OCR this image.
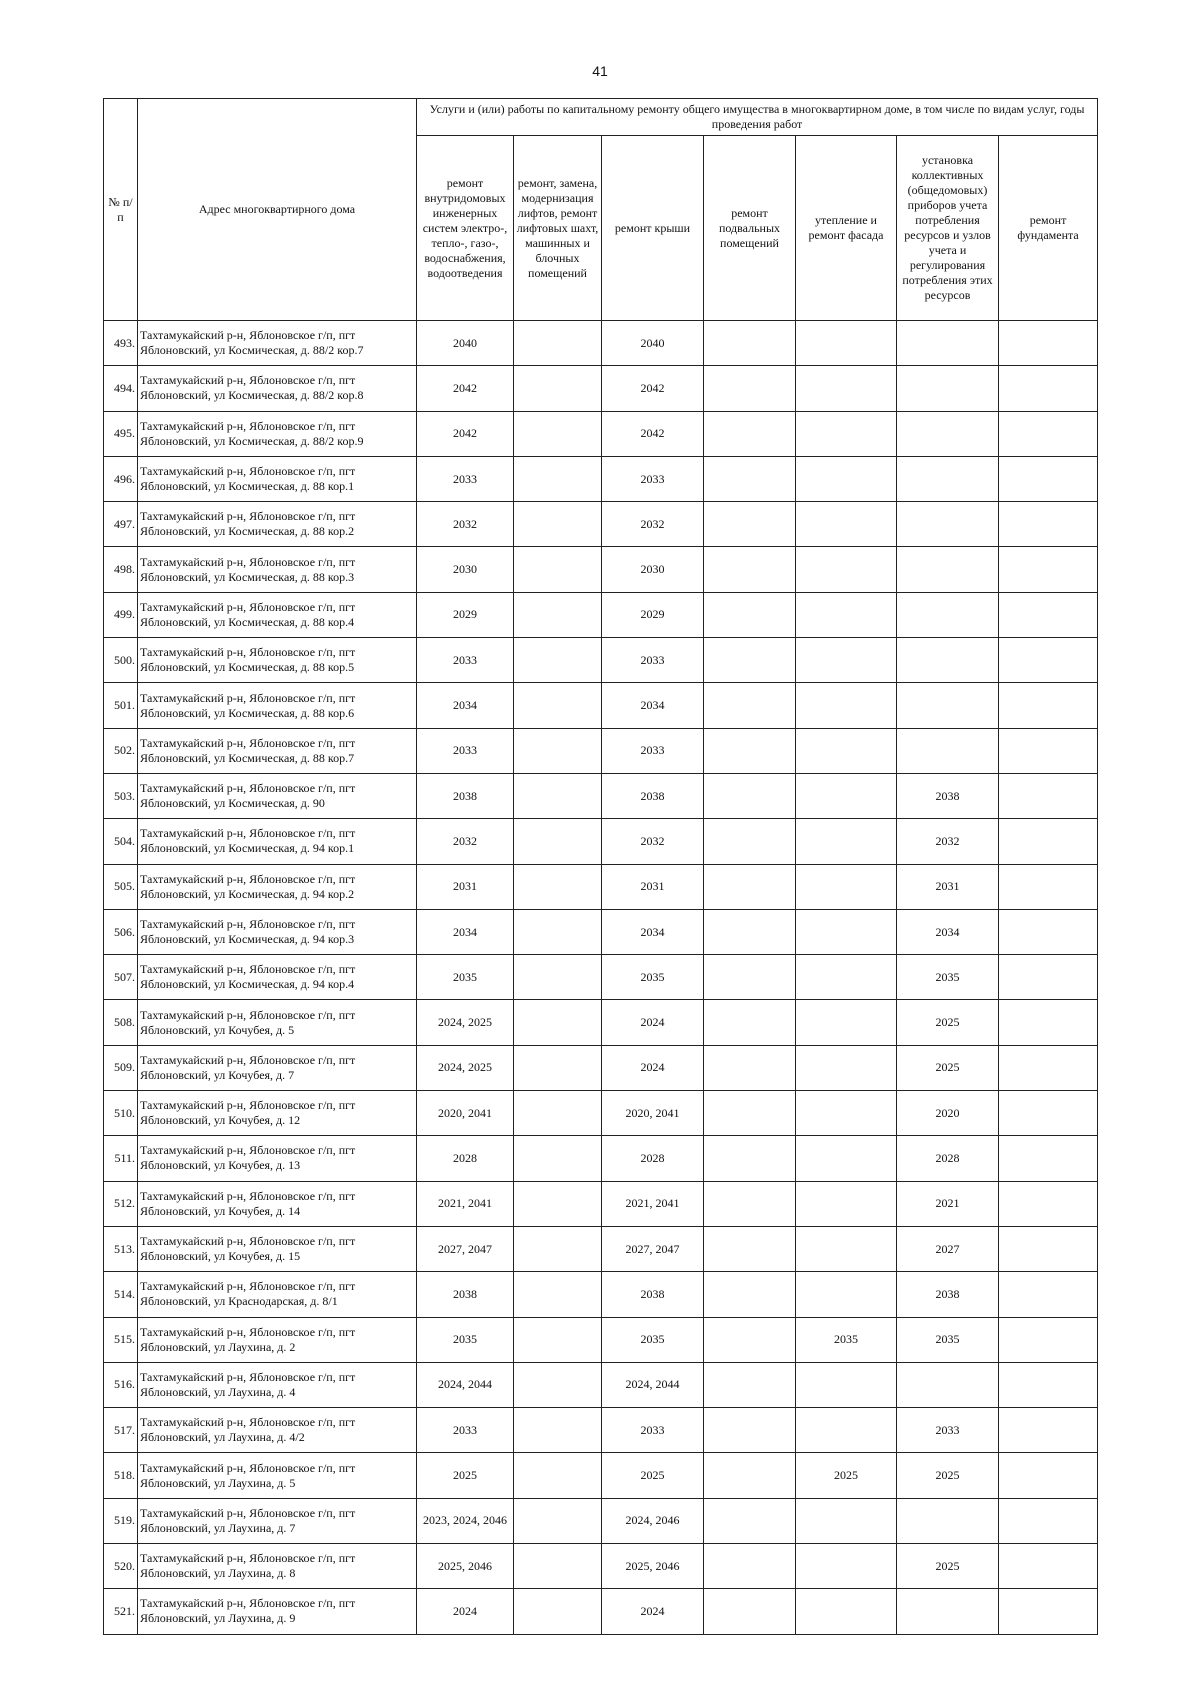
41
№ п/п	Адрес многоквартирного дома	Услуги и (или) работы по капитальному ремонту общего имущества в многоквартирном доме, в том числе по видам услуг, годы проведения работ						
		ремонт внутридомовых инженерных систем электро-, тепло-, газо-, водоснабжения, водоотведения	ремонт, замена, модернизация лифтов, ремонт лифтовых шахт, машинных и блочных помещений	ремонт крыши	ремонт подвальных помещений	утепление и ремонт фасада	установка коллективных (общедомовых) приборов учета потребления ресурсов и узлов учета и регулирования потребления этих ресурсов	ремонт фундамента
493.	Тахтамукайский р-н, Яблоновское г/п, пгт Яблоновский, ул Космическая, д. 88/2 кор.7	2040		2040				
494.	Тахтамукайский р-н, Яблоновское г/п, пгт Яблоновский, ул Космическая, д. 88/2 кор.8	2042		2042				
495.	Тахтамукайский р-н, Яблоновское г/п, пгт Яблоновский, ул Космическая, д. 88/2 кор.9	2042		2042				
496.	Тахтамукайский р-н, Яблоновское г/п, пгт Яблоновский, ул Космическая, д. 88 кор.1	2033		2033				
497.	Тахтамукайский р-н, Яблоновское г/п, пгт Яблоновский, ул Космическая, д. 88 кор.2	2032		2032				
498.	Тахтамукайский р-н, Яблоновское г/п, пгт Яблоновский, ул Космическая, д. 88 кор.3	2030		2030				
499.	Тахтамукайский р-н, Яблоновское г/п, пгт Яблоновский, ул Космическая, д. 88 кор.4	2029		2029				
500.	Тахтамукайский р-н, Яблоновское г/п, пгт Яблоновский, ул Космическая, д. 88 кор.5	2033		2033				
501.	Тахтамукайский р-н, Яблоновское г/п, пгт Яблоновский, ул Космическая, д. 88 кор.6	2034		2034				
502.	Тахтамукайский р-н, Яблоновское г/п, пгт Яблоновский, ул Космическая, д. 88 кор.7	2033		2033				
503.	Тахтамукайский р-н, Яблоновское г/п, пгт Яблоновский, ул Космическая, д. 90	2038		2038			2038	
504.	Тахтамукайский р-н, Яблоновское г/п, пгт Яблоновский, ул Космическая, д. 94 кор.1	2032		2032			2032	
505.	Тахтамукайский р-н, Яблоновское г/п, пгт Яблоновский, ул Космическая, д. 94 кор.2	2031		2031			2031	
506.	Тахтамукайский р-н, Яблоновское г/п, пгт Яблоновский, ул Космическая, д. 94 кор.3	2034		2034			2034	
507.	Тахтамукайский р-н, Яблоновское г/п, пгт Яблоновский, ул Космическая, д. 94 кор.4	2035		2035			2035	
508.	Тахтамукайский р-н, Яблоновское г/п, пгт Яблоновский, ул Кочубея, д. 5	2024, 2025		2024			2025	
509.	Тахтамукайский р-н, Яблоновское г/п, пгт Яблоновский, ул Кочубея, д. 7	2024, 2025		2024			2025	
510.	Тахтамукайский р-н, Яблоновское г/п, пгт Яблоновский, ул Кочубея, д. 12	2020, 2041		2020, 2041			2020	
511.	Тахтамукайский р-н, Яблоновское г/п, пгт Яблоновский, ул Кочубея, д. 13	2028		2028			2028	
512.	Тахтамукайский р-н, Яблоновское г/п, пгт Яблоновский, ул Кочубея, д. 14	2021, 2041		2021, 2041			2021	
513.	Тахтамукайский р-н, Яблоновское г/п, пгт Яблоновский, ул Кочубея, д. 15	2027, 2047		2027, 2047			2027	
514.	Тахтамукайский р-н, Яблоновское г/п, пгт Яблоновский, ул Краснодарская, д. 8/1	2038		2038			2038	
515.	Тахтамукайский р-н, Яблоновское г/п, пгт Яблоновский, ул Лаухина, д. 2	2035		2035		2035	2035	
516.	Тахтамукайский р-н, Яблоновское г/п, пгт Яблоновский, ул Лаухина, д. 4	2024, 2044		2024, 2044				
517.	Тахтамукайский р-н, Яблоновское г/п, пгт Яблоновский, ул Лаухина, д. 4/2	2033		2033			2033	
518.	Тахтамукайский р-н, Яблоновское г/п, пгт Яблоновский, ул Лаухина, д. 5	2025		2025		2025	2025	
519.	Тахтамукайский р-н, Яблоновское г/п, пгт Яблоновский, ул Лаухина, д. 7	2023, 2024, 2046		2024, 2046				
520.	Тахтамукайский р-н, Яблоновское г/п, пгт Яблоновский, ул Лаухина, д. 8	2025, 2046		2025, 2046			2025	
521.	Тахтамукайский р-н, Яблоновское г/п, пгт Яблоновский, ул Лаухина, д. 9	2024		2024				
